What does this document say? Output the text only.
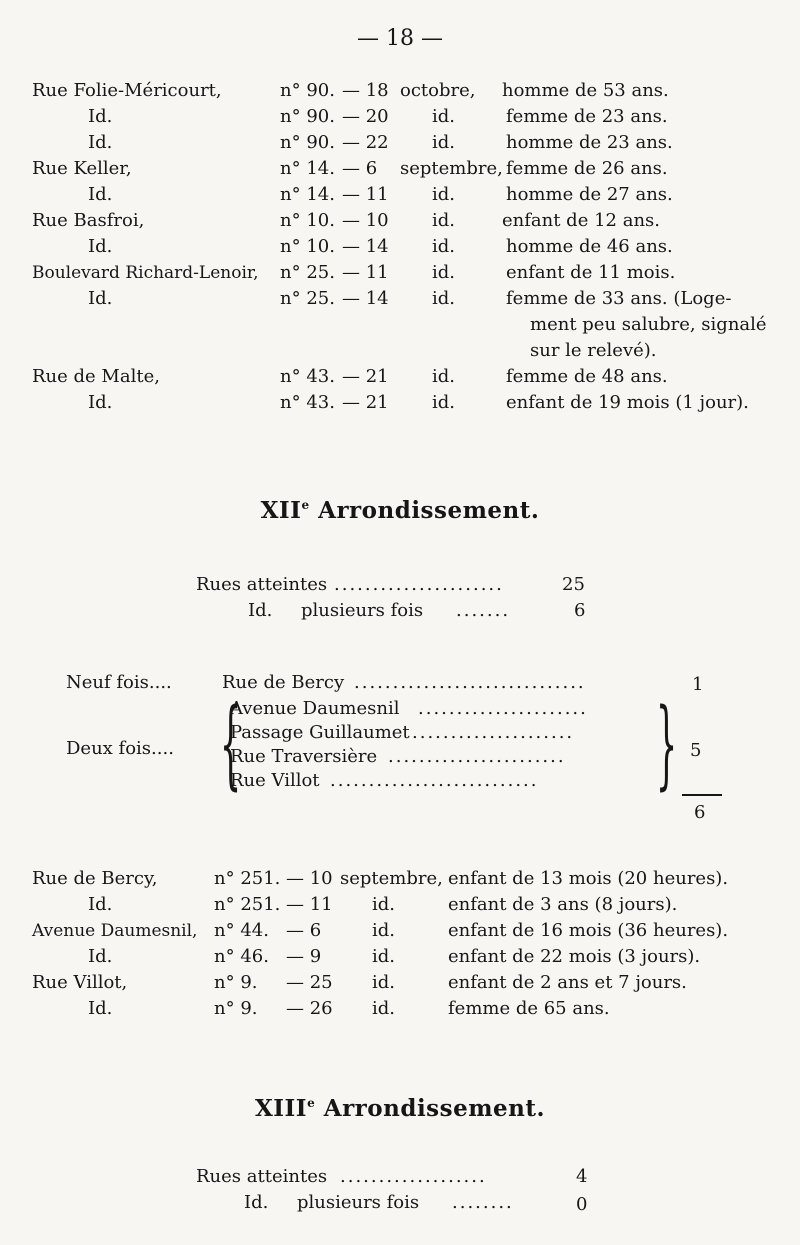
— 18 —
Rue Folie-Méricourt,	n° 90. — 18 octobre, homme de 53 ans.
Id.	n° 90. — 20 id.	femme de 23 ans.
Id.	n° 90. — 22 id.	homme de 23 ans.
Rue Keller,	n° 14. — 6 septembre, femme de 26 ans.
Id.	n° 14. — 11 id.	homme de 27 ans.
Rue Basfroi,	n° 10. — 10 id.	enfant de 12 ans.
Id.	n° 10. — 14 id.	homme de 46 ans.
Boulevard Richard-Lenoir, n° 25. — 11 id.	enfant de 11 mois.
Id.	n° 25. — 14 id.	femme de 33 ans. (Loge-
ment peu salubre, signalé
sur le relevé).
Rue de Malte,	n° 43. — 21 id.	femme de 48 ans.
Id.	n° 43. — 21 id.	enfant de 19 mois (1 jour).
XIIe Arrondissement.
Rues atteintes ......................	25
Id.     plusieurs fois .......	6
Neuf fois....	Rue de Bercy ..............................	1
Deux fois.... {
Avenue Daumesnil ......................
Passage Guillaumet .....................
Rue Traversière .......................
Rue Villot ........................... } 5
6
Rue de Bercy,	n° 251. — 10 septembre, enfant de 13 mois (20 heures).
Id.	n° 251. — 11 id.	enfant de 3 ans (8 jours).
Avenue Daumesnil, n° 44. — 6	id.	enfant de 16 mois (36 heures).
Id.	n° 46. — 9	id.	enfant de 22 mois (3 jours).
Rue Villot,	n° 9. — 25 id.	enfant de 2 ans et 7 jours.
Id.	n° 9. — 26 id.	femme de 65 ans.
XIIIe Arrondissement.
Rues atteintes ...................	4
Id.     plusieurs fois ........	0
